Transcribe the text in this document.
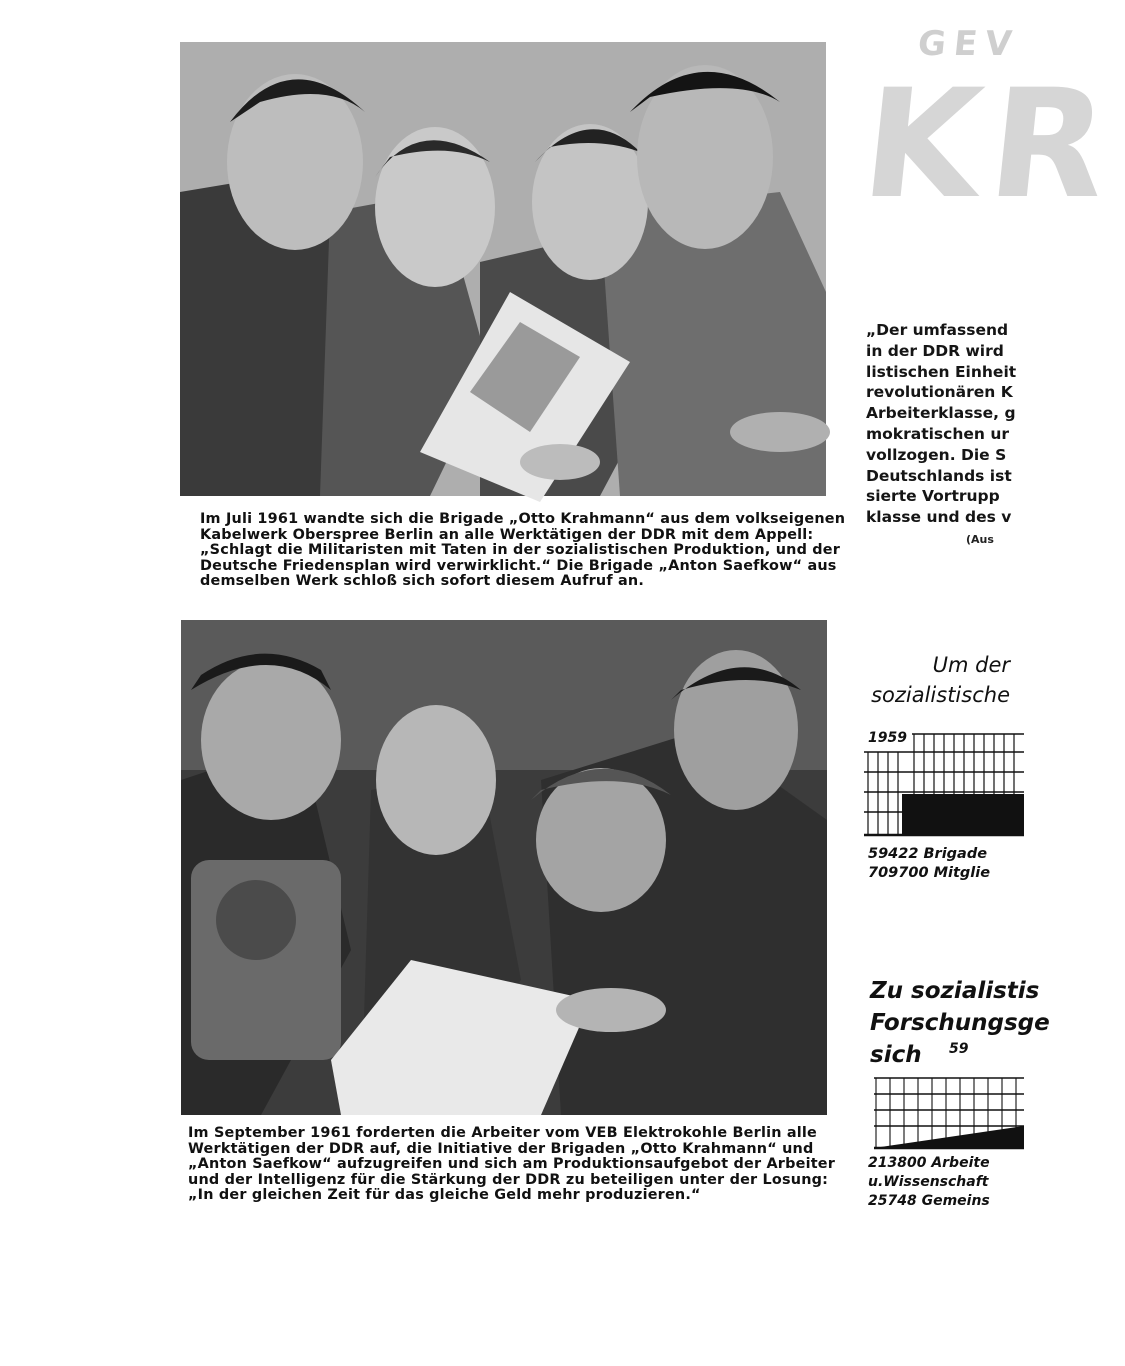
Im Juli 1961 wandte sich die Brigade „Otto Krahmann“ aus dem volkseigenen
Kabelwerk Oberspree Berlin an alle Werktätigen der DDR mit dem Appell:
„Schlagt die Militaristen mit Taten in der sozialistischen Produktion, und der
Deutsche Friedensplan wird verwirklicht.“ Die Brigade „Anton Saefkow“ aus
demselben Werk schloß sich sofort diesem Aufruf an.

Im September 1961 forderten die Arbeiter vom VEB Elektrokohle Berlin alle
Werktätigen der DDR auf, die Initiative der Brigaden „Otto Krahmann“ und
„Anton Saefkow“ aufzugreifen und sich am Produktionsaufgebot der Arbeiter
und der Intelligenz für die Stärkung der DDR zu beteiligen unter der Losung:
„In der gleichen Zeit für das gleiche Geld mehr produzieren.“

GEV
KR

„Der umfassend
in der DDR wird
listischen Einheit
revolutionären K
Arbeiterklasse, g
mokratischen ur
vollzogen. Die S
Deutschlands ist
sierte Vortrupp
klasse und des v

(Aus

Um der
sozialistische

1959

59422 Brigade
709700 Mitglie

Zu sozialistis
Forschungsge
sich	59

213800 Arbeite
u.Wissenschaft
25748 Gemeins
